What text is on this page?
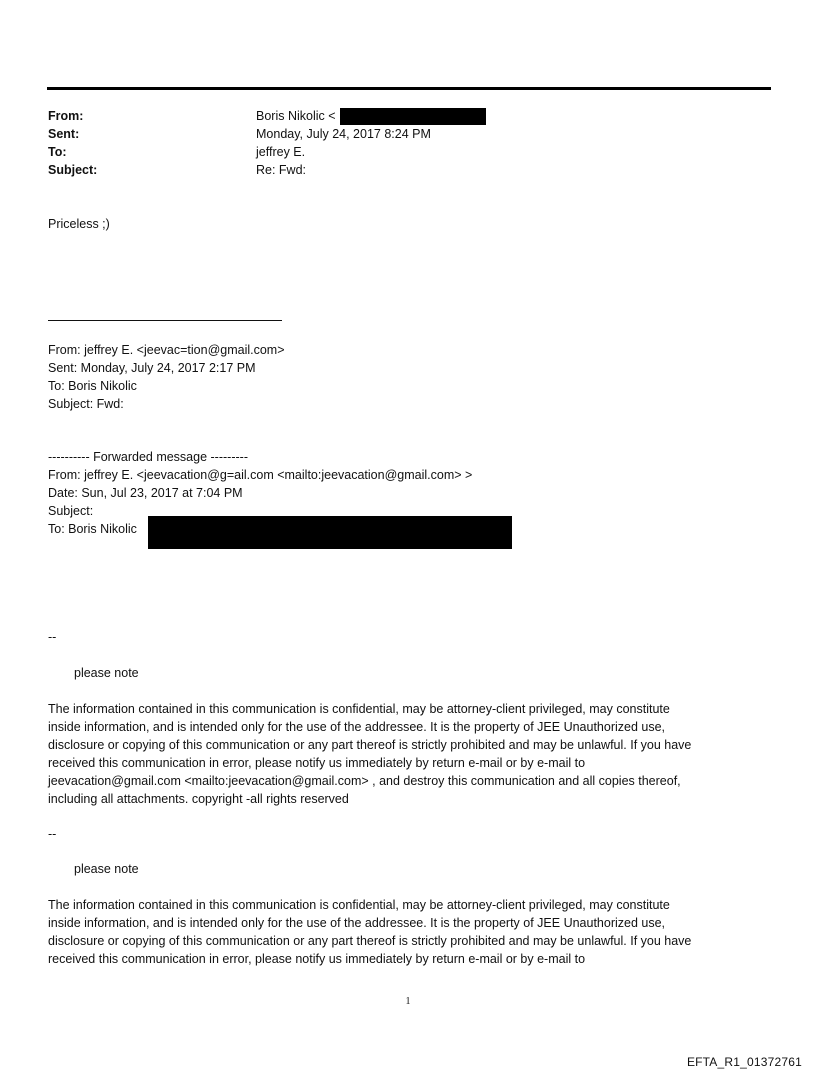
From:	Boris Nikolic <
Sent:	Monday, July 24, 2017 8:24 PM
To:	jeffrey E.
Subject:	Re: Fwd:
Priceless ;)
From: jeffrey E. <jeevac=tion@gmail.com>
Sent: Monday, July 24, 2017 2:17 PM
To: Boris Nikolic
Subject: Fwd:
---------- Forwarded message ---------
From: jeffrey E. <jeevacation@g=ail.com <mailto:jeevacation@gmail.com> >
Date: Sun, Jul 23, 2017 at 7:04 PM
Subject:
To: Boris Nikolic
--
please note
The information contained in this communication is confidential, may be attorney-client privileged, may constitute
inside information, and is intended only for the use of the addressee. It is the property of JEE Unauthorized use,
disclosure or copying of this communication or any part thereof is strictly prohibited and may be unlawful. If you have
received this communication in error, please notify us immediately by return e-mail or by e-mail to
jeevacation@gmail.com <mailto:jeevacation@gmail.com> , and destroy this communication and all copies thereof,
including all attachments. copyright -all rights reserved
--
please note
The information contained in this communication is confidential, may be attorney-client privileged, may constitute
inside information, and is intended only for the use of the addressee. It is the property of JEE Unauthorized use,
disclosure or copying of this communication or any part thereof is strictly prohibited and may be unlawful. If you have
received this communication in error, please notify us immediately by return e-mail or by e-mail to
1
EFTA_R1_01372761
